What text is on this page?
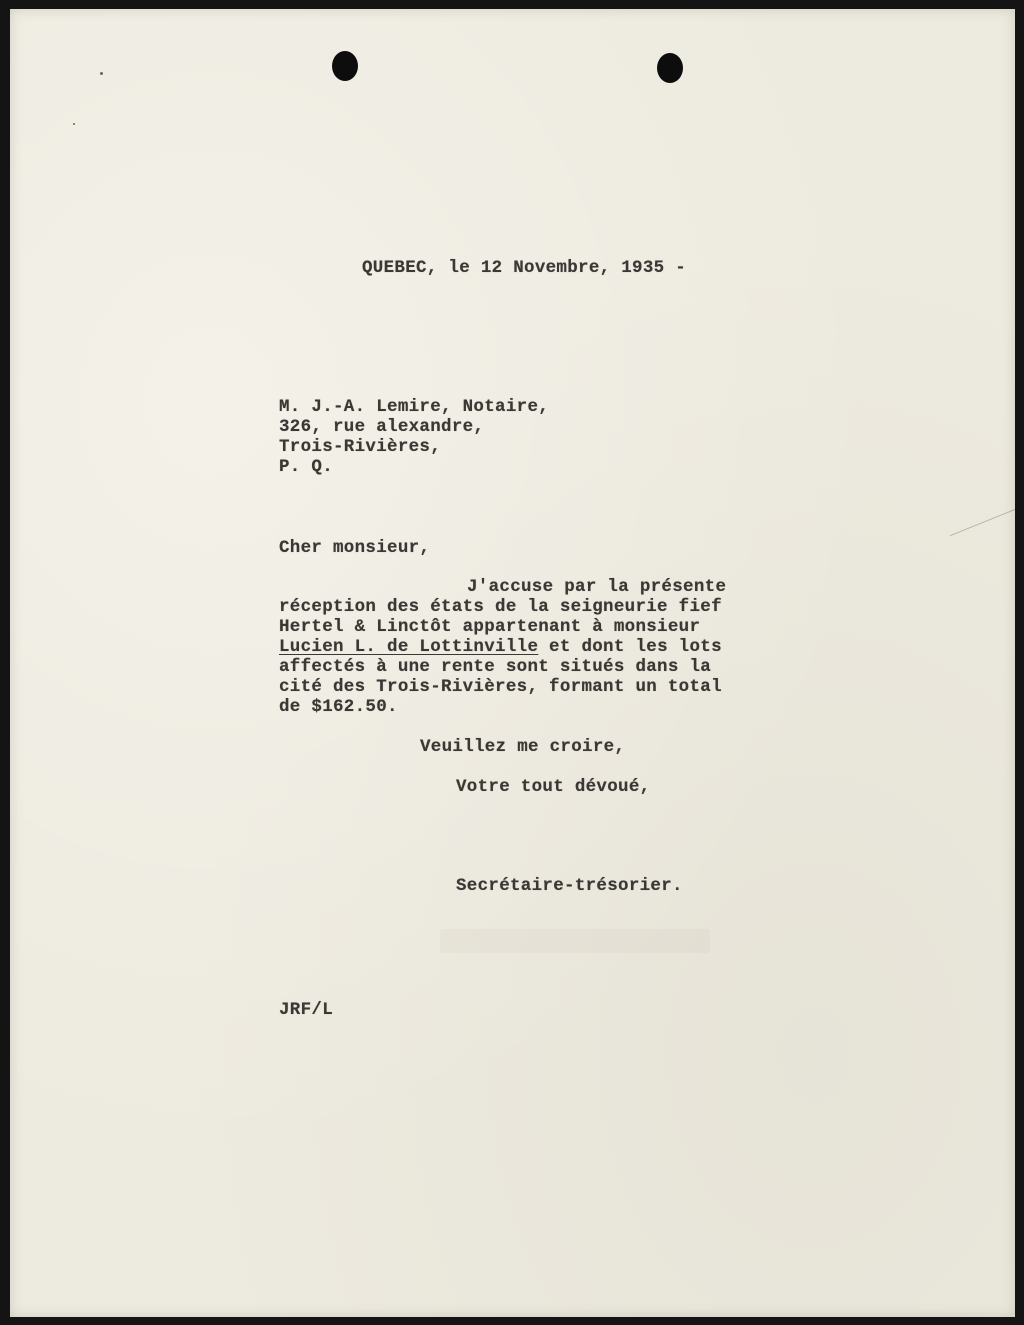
QUEBEC, le 12 Novembre, 1935 -
M. J.-A. Lemire, Notaire,
326, rue alexandre,
Trois-Rivières,
P. Q.
Cher monsieur,
J'accuse par la présente
réception des états de la seigneurie fief
Hertel & Linctôt appartenant à monsieur
Lucien L. de Lottinville et dont les lots
affectés à une rente sont situés dans la
cité des Trois-Rivières, formant un total
de $162.50.
Veuillez me croire,
Votre tout dévoué,
Secrétaire-trésorier.
JRF/L
